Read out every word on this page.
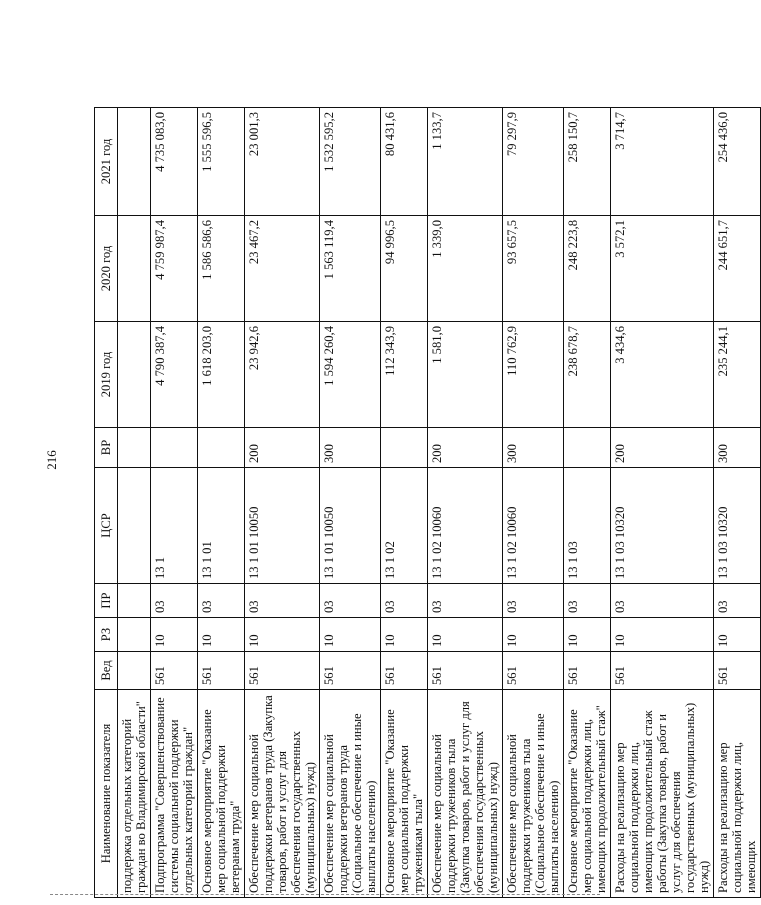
216
Наименование показателя	Вед	РЗ	ПР	ЦСР	ВР	2019 год	2020 год	2021 год
поддержка отдельных категорий граждан во Владимирской области"								
Подпрограмма "Совершенствование системы социальной поддержки отдельных категорий граждан"	561	10	03	13 1		4 790 387,4	4 759 987,4	4 735 083,0
Основное мероприятие "Оказание мер социальной поддержки ветеранам труда"	561	10	03	13 1 01		1 618 203,0	1 586 586,6	1 555 596,5
Обеспечение мер социальной поддержки ветеранов труда (Закупка товаров, работ и услуг для обеспечения государственных (муниципальных) нужд)	561	10	03	13 1 01 10050	200	23 942,6	23 467,2	23 001,3
Обеспечение мер социальной поддержки ветеранов труда (Социальное обеспечение и иные выплаты населению)	561	10	03	13 1 01 10050	300	1 594 260,4	1 563 119,4	1 532 595,2
Основное мероприятие "Оказание мер социальной поддержки труженикам тыла"	561	10	03	13 1 02		112 343,9	94 996,5	80 431,6
Обеспечение мер социальной поддержки тружеников тыла (Закупка товаров, работ и услуг для обеспечения государственных (муниципальных) нужд)	561	10	03	13 1 02 10060	200	1 581,0	1 339,0	1 133,7
Обеспечение мер социальной поддержки тружеников тыла (Социальное обеспечение и иные выплаты населению)	561	10	03	13 1 02 10060	300	110 762,9	93 657,5	79 297,9
Основное мероприятие "Оказание мер социальной поддержки лиц, имеющих продолжительный стаж"	561	10	03	13 1 03		238 678,7	248 223,8	258 150,7
Расходы на реализацию мер социальной поддержки лиц, имеющих продолжительный стаж работы (Закупка товаров, работ и услуг для обеспечения государственных (муниципальных) нужд)	561	10	03	13 1 03 10320	200	3 434,6	3 572,1	3 714,7
Расходы на реализацию мер социальной поддержки лиц, имеющих	561	10	03	13 1 03 10320	300	235 244,1	244 651,7	254 436,0
